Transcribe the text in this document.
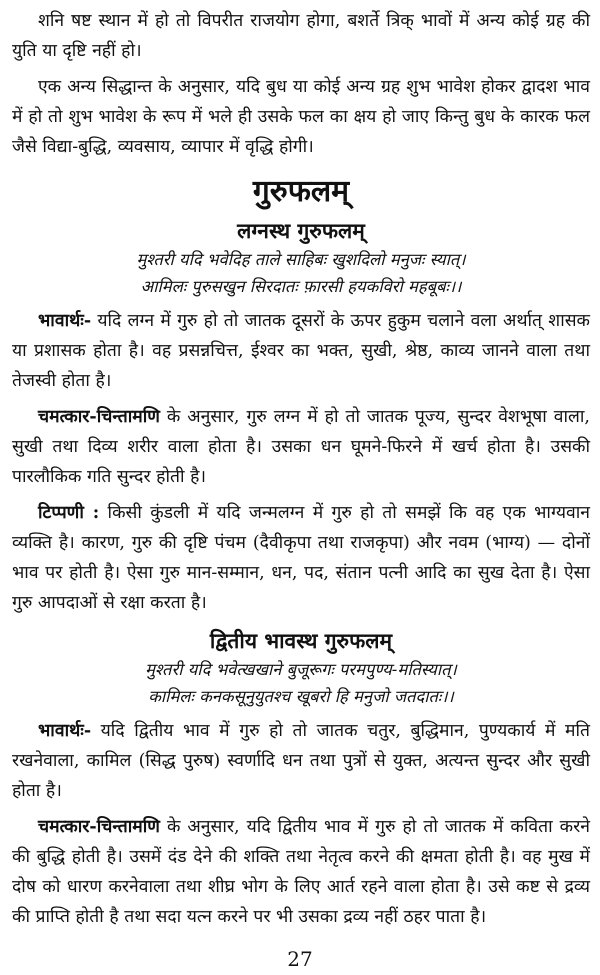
शनि षष्ट स्थान में हो तो विपरीत राजयोग होगा, बशर्ते त्रिक् भावों में अन्य कोई ग्रह की युति या दृष्टि नहीं हो।

एक अन्य सिद्धान्त के अनुसार, यदि बुध या कोई अन्य ग्रह शुभ भावेश होकर द्वादश भाव में हो तो शुभ भावेश के रूप में भले ही उसके फल का क्षय हो जाए किन्तु बुध के कारक फल जैसे विद्या-बुद्धि, व्यवसाय, व्यापार में वृद्धि होगी।

गुरुफलम्
लग्नस्थ गुरुफलम्
मुश्तरी यदि भवेदिह ताले साहिबः खुशदिलो मनुजः स्यात्।
आमिलः पुरुसखुन सिरदातः फ़ारसी हयकविरो महबूबः।।

भावार्थः- यदि लग्न में गुरु हो तो जातक दूसरों के ऊपर हुकुम चलाने वला अर्थात् शासक या प्रशासक होता है। वह प्रसन्नचित्त, ईश्वर का भक्त, सुखी, श्रेष्ठ, काव्य जानने वाला तथा तेजस्वी होता है।

चमत्कार-चिन्तामणि के अनुसार, गुरु लग्न में हो तो जातक पूज्य, सुन्दर वेशभूषा वाला, सुखी तथा दिव्य शरीर वाला होता है। उसका धन घूमने-फिरने में खर्च होता है। उसकी पारलौकिक गति सुन्दर होती है।

टिप्पणी : किसी कुंडली में यदि जन्मलग्न में गुरु हो तो समझें कि वह एक भाग्यवान व्यक्ति है। कारण, गुरु की दृष्टि पंचम (दैवीकृपा तथा राजकृपा) और नवम (भाग्य) — दोनों भाव पर होती है। ऐसा गुरु मान-सम्मान, धन, पद, संतान पत्नी आदि का सुख देता है। ऐसा गुरु आपदाओं से रक्षा करता है।

द्वितीय भावस्थ गुरुफलम्
मुश्तरी यदि भवेत्खखाने बुजूरूगः परमपुण्य-मतिस्यात्।
कामिलः कनकसूनुयुतश्च खूबरो हि मनुजो जतदातः।।

भावार्थः- यदि द्वितीय भाव में गुरु हो तो जातक चतुर, बुद्धिमान, पुण्यकार्य में मति रखनेवाला, कामिल (सिद्ध पुरुष) स्वर्णादि धन तथा पुत्रों से युक्त, अत्यन्त सुन्दर और सुखी होता है।

चमत्कार-चिन्तामणि के अनुसार, यदि द्वितीय भाव में गुरु हो तो जातक में कविता करने की बुद्धि होती है। उसमें दंड देने की शक्ति तथा नेतृत्व करने की क्षमता होती है। वह मुख में दोष को धारण करनेवाला तथा शीघ्र भोग के लिए आर्त रहने वाला होता है। उसे कष्ट से द्रव्य की प्राप्ति होती है तथा सदा यत्न करने पर भी उसका द्रव्य नहीं ठहर पाता है।

27
